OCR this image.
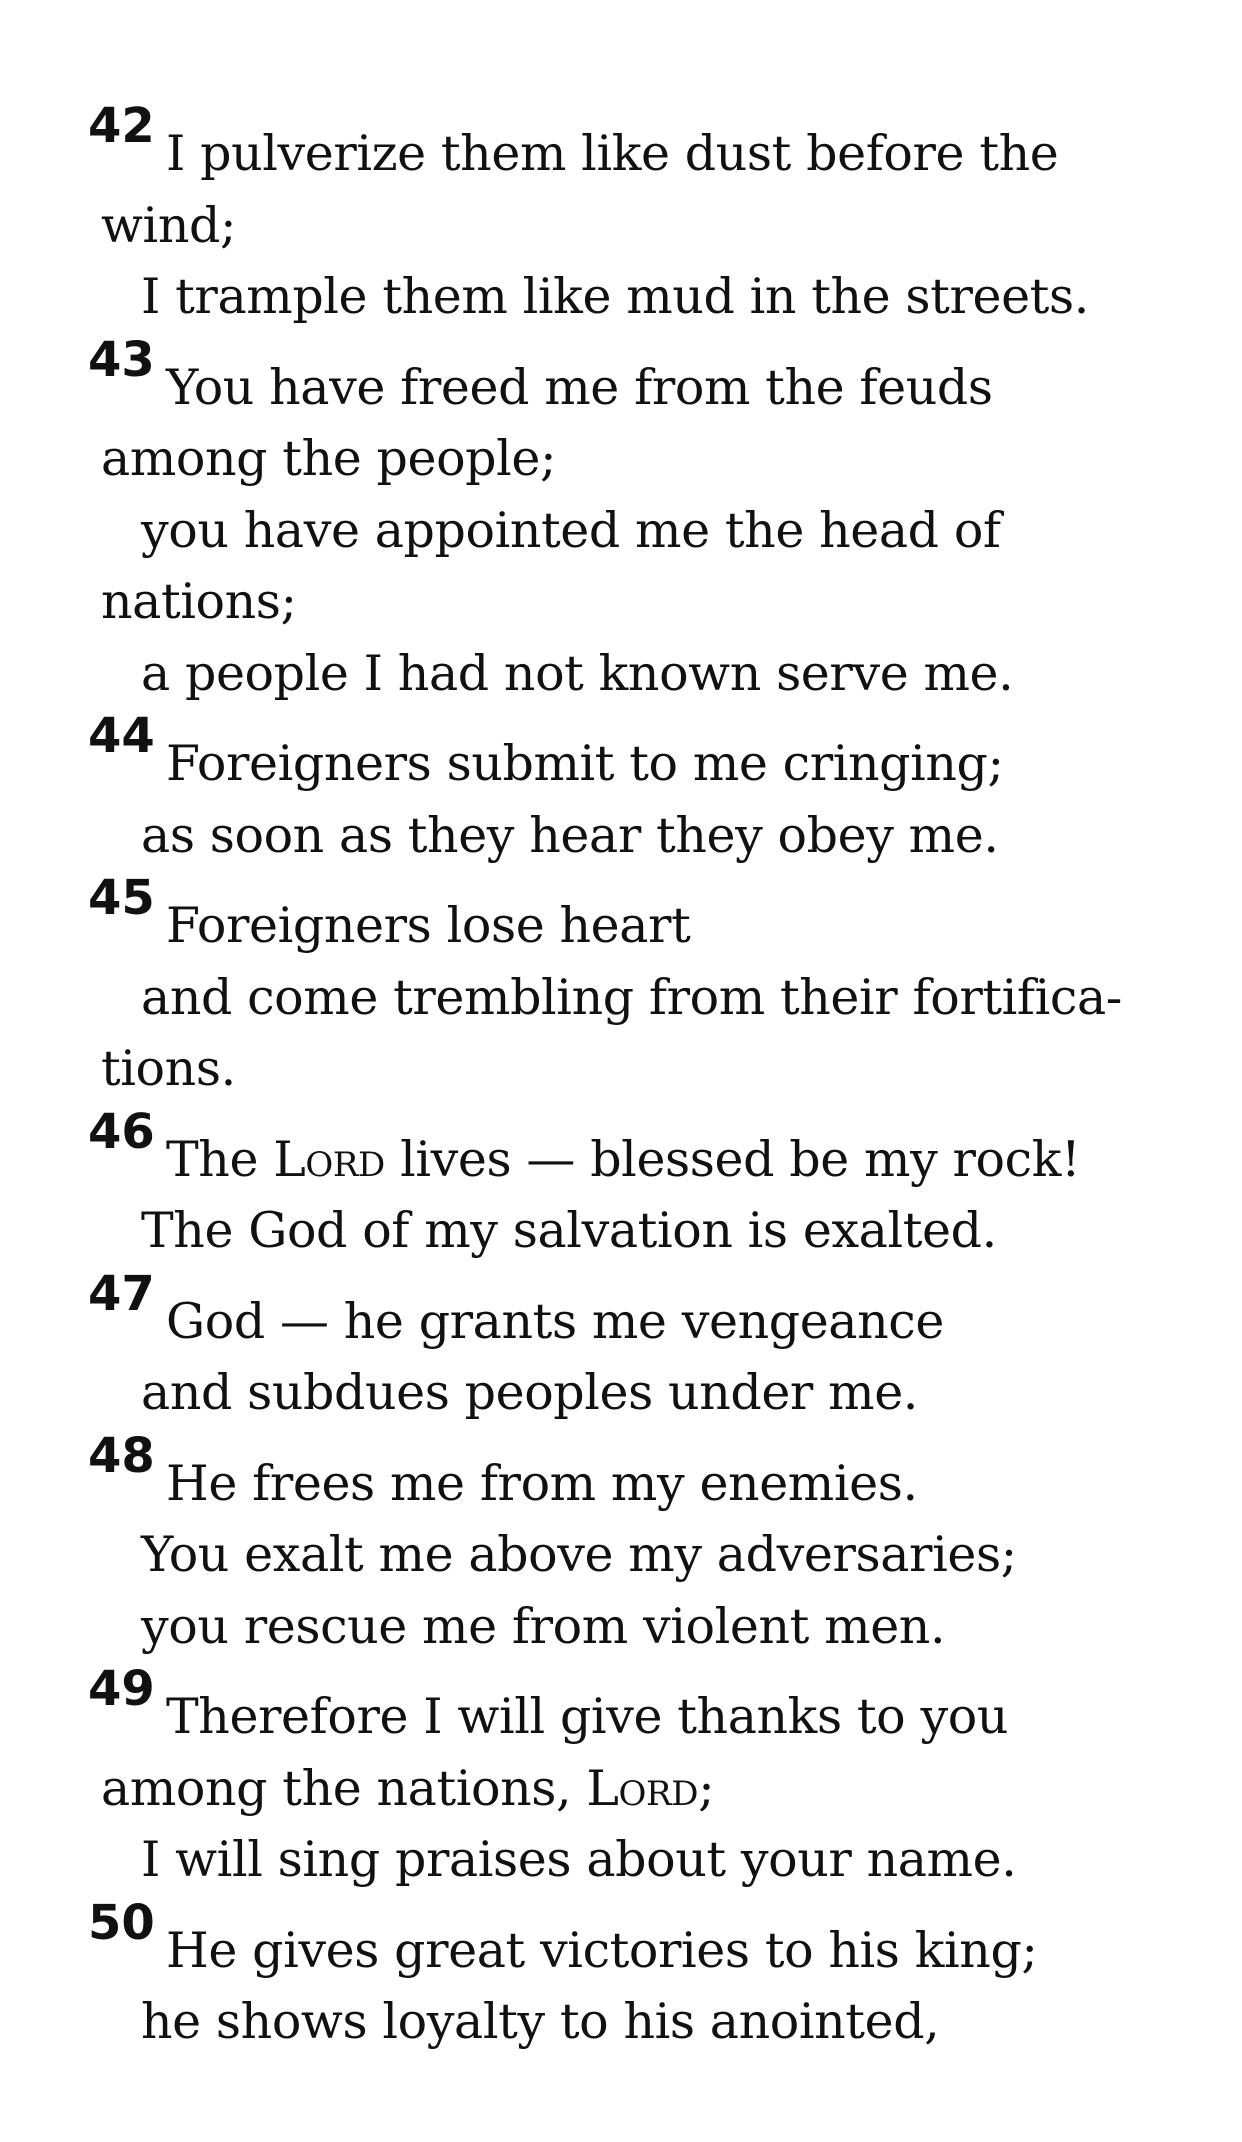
42 I pulverize them like dust before the
wind;
I trample them like mud in the streets.
43 You have freed me from the feuds
among the people;
you have appointed me the head of
nations;
a people I had not known serve me.
44 Foreigners submit to me cringing;
as soon as they hear they obey me.
45 Foreigners lose heart
and come trembling from their fortifica-
tions.
46 The Lord lives — blessed be my rock!
The God of my salvation is exalted.
47 God — he grants me vengeance
and subdues peoples under me.
48 He frees me from my enemies.
You exalt me above my adversaries;
you rescue me from violent men.
49 Therefore I will give thanks to you
among the nations, Lord;
I will sing praises about your name.
50 He gives great victories to his king;
he shows loyalty to his anointed,
